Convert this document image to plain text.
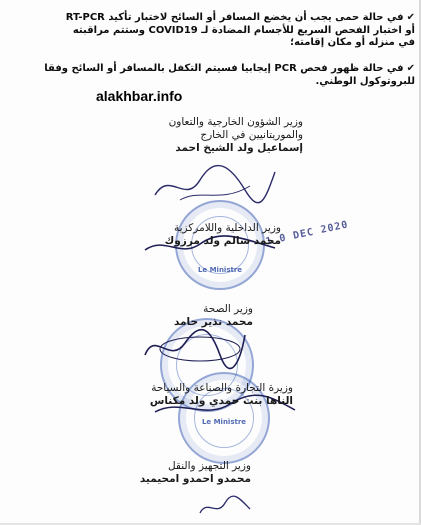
✔في حالة حمى يجب أن يخضع المسافر أو السائح لاختبار تأكيد RT-PCR
أو اختبار الفحص السريع للأجسام المضادة لـ COVID19 وستتم مراقبته
في منزله أو مكان إقامته؛
✔في حالة ظهور فحص PCR إيجابيا فسيتم التكفل بالمسافر أو السائح وفقا
للبروتوكول الوطني.
alakhbar.info
Le Ministre
Le Ministre
1 0 DEC 2020
وزير الشؤون الخارجية والتعاون
والموريتانيين في الخارج
إسماعيل ولد الشيخ احمد
وزير الداخلية واللامركزية
محمد سالم ولد مرزوك
وزير الصحة
محمد نذير حامد
وزيرة التجارة والصناعة والسياحة
الناها بنت حمدي ولد مكناس
وزير التجهيز والنقل
محمدو احمدو امحيميد
